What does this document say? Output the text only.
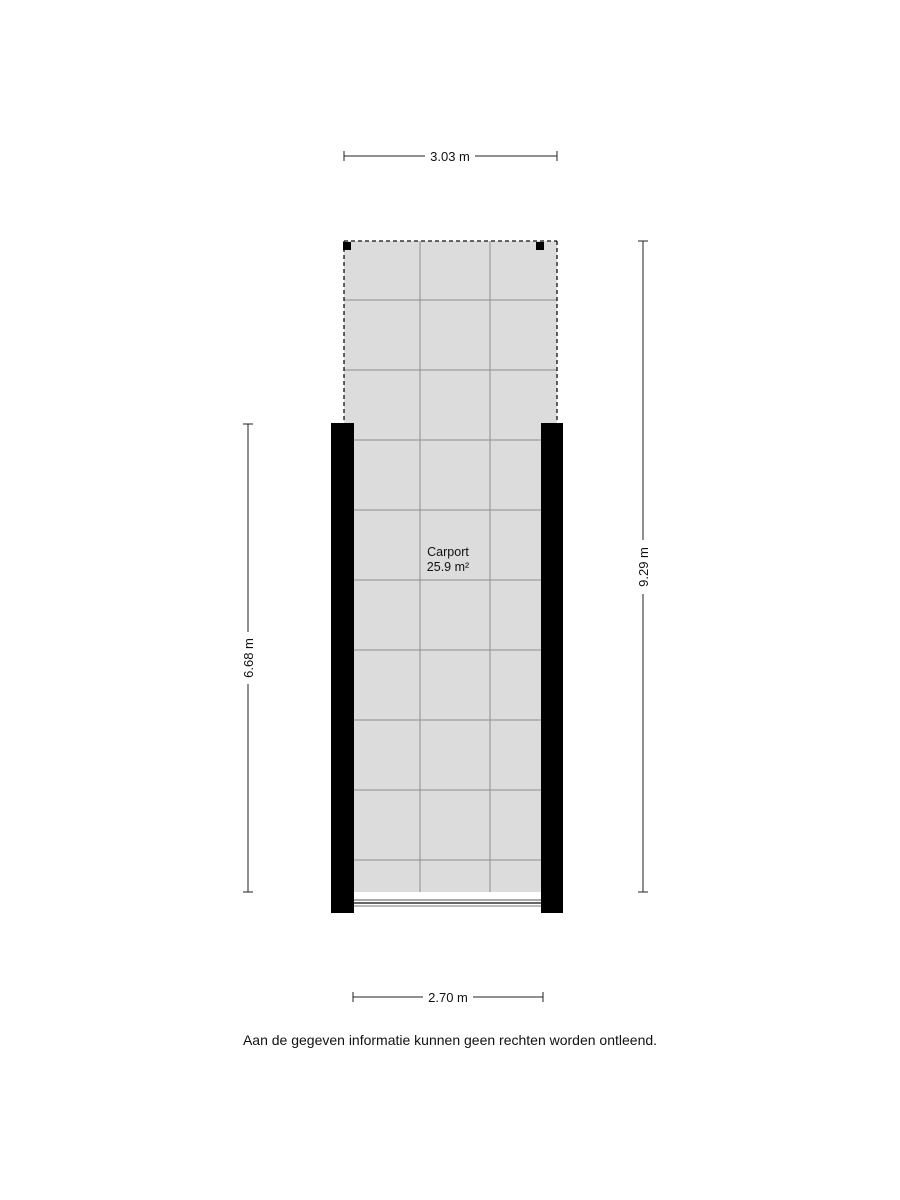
3.03 m
2.70 m
6.68 m
9.29 m
Carport
25.9 m²
Aan de gegeven informatie kunnen geen rechten worden ontleend.
